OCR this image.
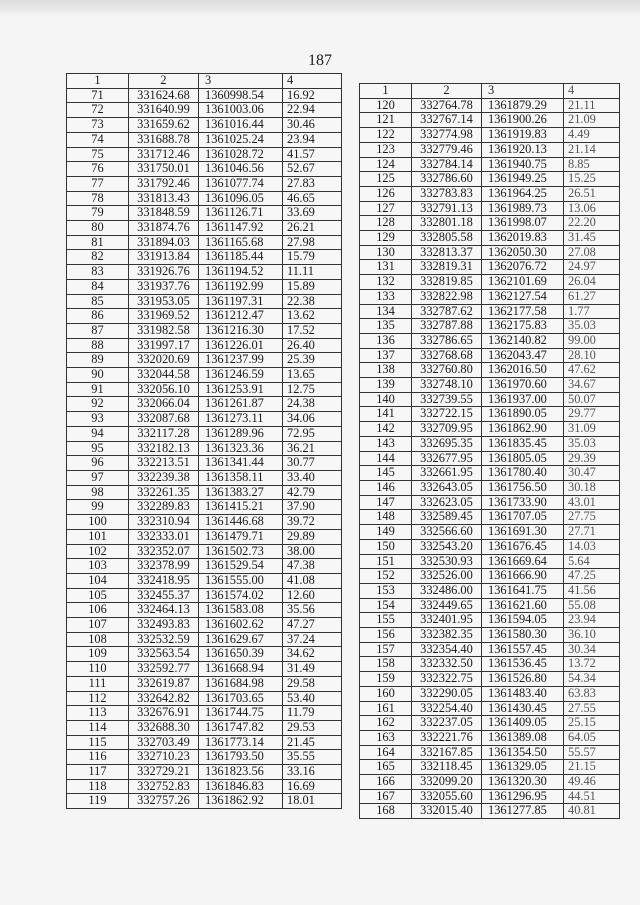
187
1	2	3	4
71	331624.68	1360998.54	16.92
72	331640.99	1361003.06	22.94
73	331659.62	1361016.44	30.46
74	331688.78	1361025.24	23.94
75	331712.46	1361028.72	41.57
76	331750.01	1361046.56	52.67
77	331792.46	1361077.74	27.83
78	331813.43	1361096.05	46.65
79	331848.59	1361126.71	33.69
80	331874.76	1361147.92	26.21
81	331894.03	1361165.68	27.98
82	331913.84	1361185.44	15.79
83	331926.76	1361194.52	11.11
84	331937.76	1361192.99	15.89
85	331953.05	1361197.31	22.38
86	331969.52	1361212.47	13.62
87	331982.58	1361216.30	17.52
88	331997.17	1361226.01	26.40
89	332020.69	1361237.99	25.39
90	332044.58	1361246.59	13.65
91	332056.10	1361253.91	12.75
92	332066.04	1361261.87	24.38
93	332087.68	1361273.11	34.06
94	332117.28	1361289.96	72.95
95	332182.13	1361323.36	36.21
96	332213.51	1361341.44	30.77
97	332239.38	1361358.11	33.40
98	332261.35	1361383.27	42.79
99	332289.83	1361415.21	37.90
100	332310.94	1361446.68	39.72
101	332333.01	1361479.71	29.89
102	332352.07	1361502.73	38.00
103	332378.99	1361529.54	47.38
104	332418.95	1361555.00	41.08
105	332455.37	1361574.02	12.60
106	332464.13	1361583.08	35.56
107	332493.83	1361602.62	47.27
108	332532.59	1361629.67	37.24
109	332563.54	1361650.39	34.62
110	332592.77	1361668.94	31.49
111	332619.87	1361684.98	29.58
112	332642.82	1361703.65	53.40
113	332676.91	1361744.75	11.79
114	332688.30	1361747.82	29.53
115	332703.49	1361773.14	21.45
116	332710.23	1361793.50	35.55
117	332729.21	1361823.56	33.16
118	332752.83	1361846.83	16.69
119	332757.26	1361862.92	18.01
1	2	3	4
120	332764.78	1361879.29	21.11
121	332767.14	1361900.26	21.09
122	332774.98	1361919.83	4.49
123	332779.46	1361920.13	21.14
124	332784.14	1361940.75	8.85
125	332786.60	1361949.25	15.25
126	332783.83	1361964.25	26.51
127	332791.13	1361989.73	13.06
128	332801.18	1361998.07	22.20
129	332805.58	1362019.83	31.45
130	332813.37	1362050.30	27.08
131	332819.31	1362076.72	24.97
132	332819.85	1362101.69	26.04
133	332822.98	1362127.54	61.27
134	332787.62	1362177.58	1.77
135	332787.88	1362175.83	35.03
136	332786.65	1362140.82	99.00
137	332768.68	1362043.47	28.10
138	332760.80	1362016.50	47.62
139	332748.10	1361970.60	34.67
140	332739.55	1361937.00	50.07
141	332722.15	1361890.05	29.77
142	332709.95	1361862.90	31.09
143	332695.35	1361835.45	35.03
144	332677.95	1361805.05	29.39
145	332661.95	1361780.40	30.47
146	332643.05	1361756.50	30.18
147	332623.05	1361733.90	43.01
148	332589.45	1361707.05	27.75
149	332566.60	1361691.30	27.71
150	332543.20	1361676.45	14.03
151	332530.93	1361669.64	5.64
152	332526.00	1361666.90	47.25
153	332486.00	1361641.75	41.56
154	332449.65	1361621.60	55.08
155	332401.95	1361594.05	23.94
156	332382.35	1361580.30	36.10
157	332354.40	1361557.45	30.34
158	332332.50	1361536.45	13.72
159	332322.75	1361526.80	54.34
160	332290.05	1361483.40	63.83
161	332254.40	1361430.45	27.55
162	332237.05	1361409.05	25.15
163	332221.76	1361389.08	64.05
164	332167.85	1361354.50	55.57
165	332118.45	1361329.05	21.15
166	332099.20	1361320.30	49.46
167	332055.60	1361296.95	44.51
168	332015.40	1361277.85	40.81
